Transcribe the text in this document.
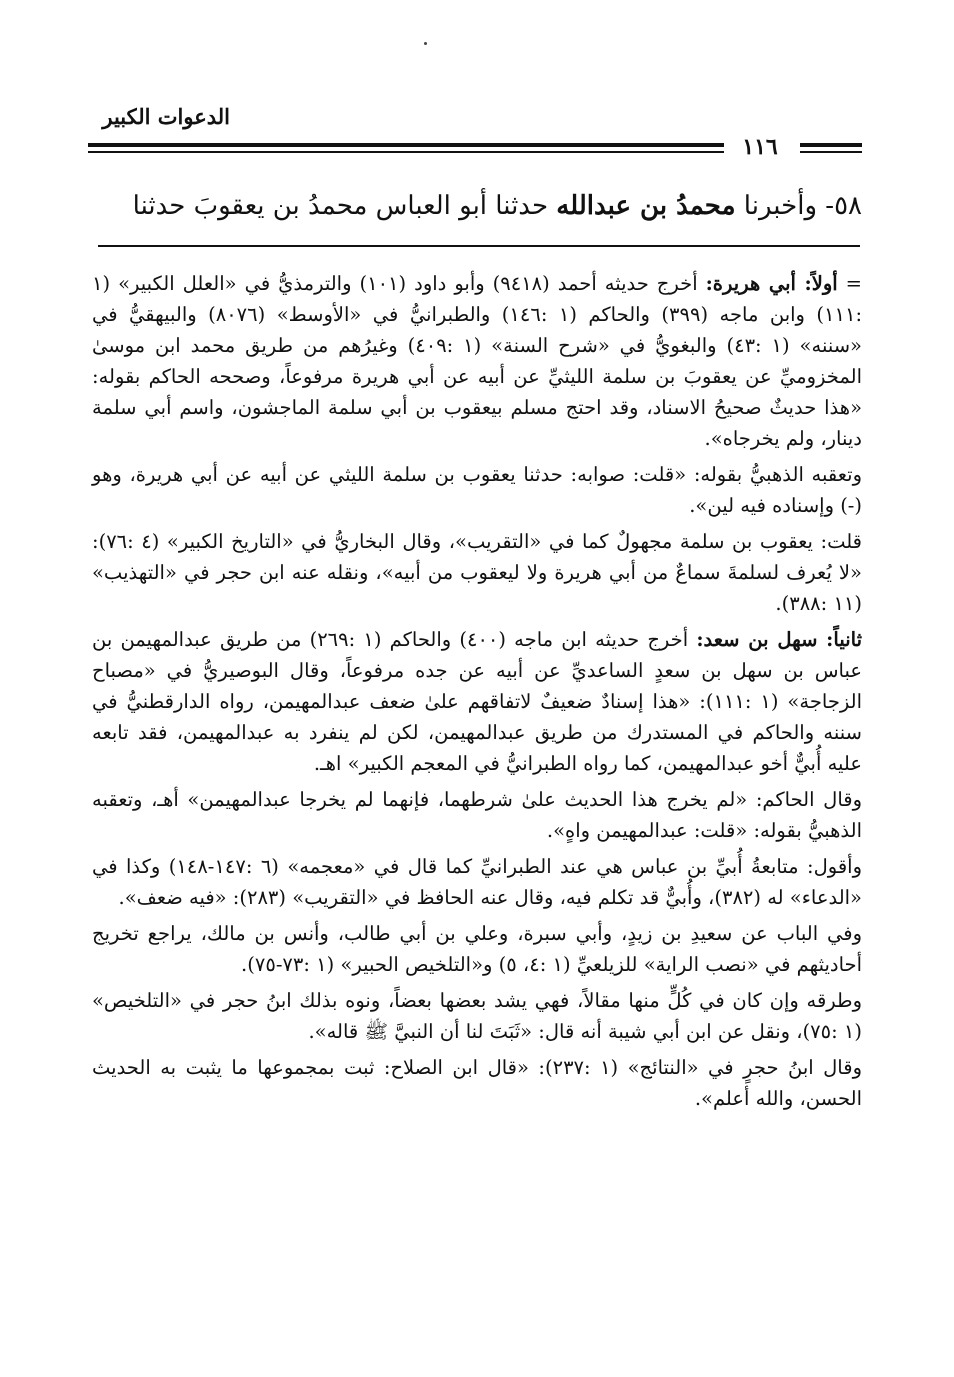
الدعوات الكبير
١١٦
٥٨- وأخبرنا محمدُ بن عبدالله حدثنا أبو العباس محمدُ بن يعقوبَ حدثنا

= أولاً: أبي هريرة: أخرج حديثه أحمد (٩٤١٨) وأبو داود (١٠١) والترمذيُّ في «العلل الكبير» (١ :١١١) وابن ماجه (٣٩٩) والحاكم (١ :١٤٦) والطبرانيُّ في «الأوسط» (٨٠٧٦) والبيهقيُّ في «سننه» (١ :٤٣) والبغويُّ في «شرح السنة» (١ :٤٠٩) وغيرُهم من طريق محمد ابن موسىٰ المخزوميِّ عن يعقوبَ بن سلمة الليثيِّ عن أبيه عن أبي هريرة مرفوعاً، وصححه الحاكم بقوله: «هذا حديثٌ صحيحُ الاسناد، وقد احتج مسلم بيعقوب بن أبي سلمة الماجشون، واسم أبي سلمة دينار، ولم يخرجاه».

وتعقبه الذهبيُّ بقوله: «قلت: صوابه: حدثنا يعقوب بن سلمة الليثي عن أبيه عن أبي هريرة، وهو (-) وإسناده فيه لين».

قلت: يعقوب بن سلمة مجهولٌ كما في «التقريب»، وقال البخاريُّ في «التاريخ الكبير» (٤ :٧٦): «لا يُعرف لسلمةَ سماعٌ من أبي هريرة ولا ليعقوب من أبيه»، ونقله عنه ابن حجر في «التهذيب» (١١ :٣٨٨).

ثانياً: سهل بن سعد: أخرج حديثه ابن ماجه (٤٠٠) والحاكم (١ :٢٦٩) من طريق عبدالمهيمن بن عباس بن سهل بن سعدٍ الساعديِّ عن أبيه عن جده مرفوعاً، وقال البوصيريُّ في «مصباح الزجاجة» (١ :١١١): «هذا إسنادٌ ضعيفٌ لاتفاقهم علىٰ ضعف عبدالمهيمن، رواه الدارقطنيُّ في سننه والحاكم في المستدرك من طريق عبدالمهيمن، لكن لم ينفرد به عبدالمهيمن، فقد تابعه عليه أُبيٌّ أخو عبدالمهيمن، كما رواه الطبرانيُّ في المعجم الكبير» اهـ.

وقال الحاكم: «لم يخرج هذا الحديث علىٰ شرطهما، فإنهما لم يخرجا عبدالمهيمن» أهـ، وتعقبه الذهبيُّ بقوله: «قلت: عبدالمهيمن واهٍ».

وأقول: متابعةُ أُبيِّ بن عباس هي عند الطبرانيِّ كما قال في «معجمه» (٦ :١٤٧-١٤٨) وكذا في «الدعاء» له (٣٨٢)، وأُبيٌّ قد تكلم فيه، وقال عنه الحافظ في «التقريب» (٢٨٣): «فيه ضعف».

وفي الباب عن سعيدِ بن زيدٍ، وأبي سبرة، وعلي بن أبي طالب، وأنس بن مالك، يراجع تخريج أحاديثهم في «نصب الراية» للزيلعيِّ (١ :٤، ٥) و«التلخيص الحبير» (١ :٧٣-٧٥).

وطرقه وإن كان في كُلٍّ منها مقالاً، فهي يشد بعضها بعضاً، ونوه بذلك ابنُ حجر في «التلخيص» (١ :٧٥)، ونقل عن ابن أبي شيبة أنه قال: «ثَبَتَ لنا أن النبيَّ ﷺ قاله».

وقال ابنُ حجرٍ في «النتائج» (١ :٢٣٧): «قال ابن الصلاح: ثبت بمجموعها ما يثبت به الحديث الحسن، والله أعلم».
